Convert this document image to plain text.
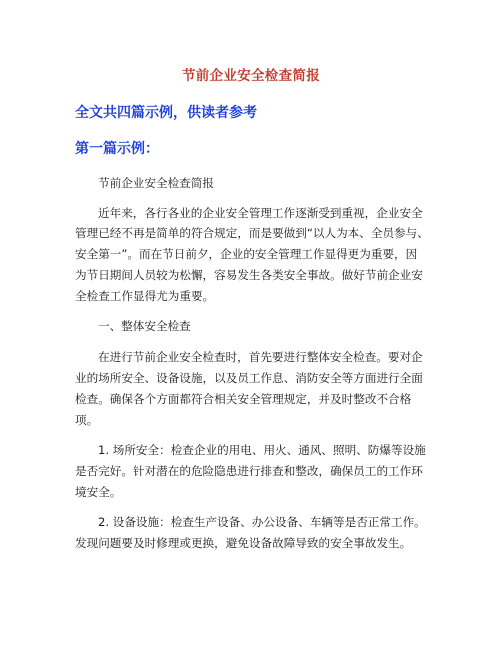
节前企业安全检查简报
全文共四篇示例，供读者参考
第一篇示例：
节前企业安全检查简报
近年来，各行各业的企业安全管理工作逐渐受到重视，企业安全
管理已经不再是简单的符合规定，而是要做到“以人为本、全员参与、
安全第一”。而在节日前夕，企业的安全管理工作显得更为重要，因
为节日期间人员较为松懈，容易发生各类安全事故。做好节前企业安
全检查工作显得尤为重要。
一、整体安全检查
在进行节前企业安全检查时，首先要进行整体安全检查。要对企
业的场所安全、设备设施，以及员工作息、消防安全等方面进行全面
检查。确保各个方面都符合相关安全管理规定，并及时整改不合格
项。
1. 场所安全：检查企业的用电、用火、通风、照明、防爆等设施
是否完好。针对潜在的危险隐患进行排查和整改，确保员工的工作环
境安全。
2. 设备设施：检查生产设备、办公设备、车辆等是否正常工作。
发现问题要及时修理或更换，避免设备故障导致的安全事故发生。
